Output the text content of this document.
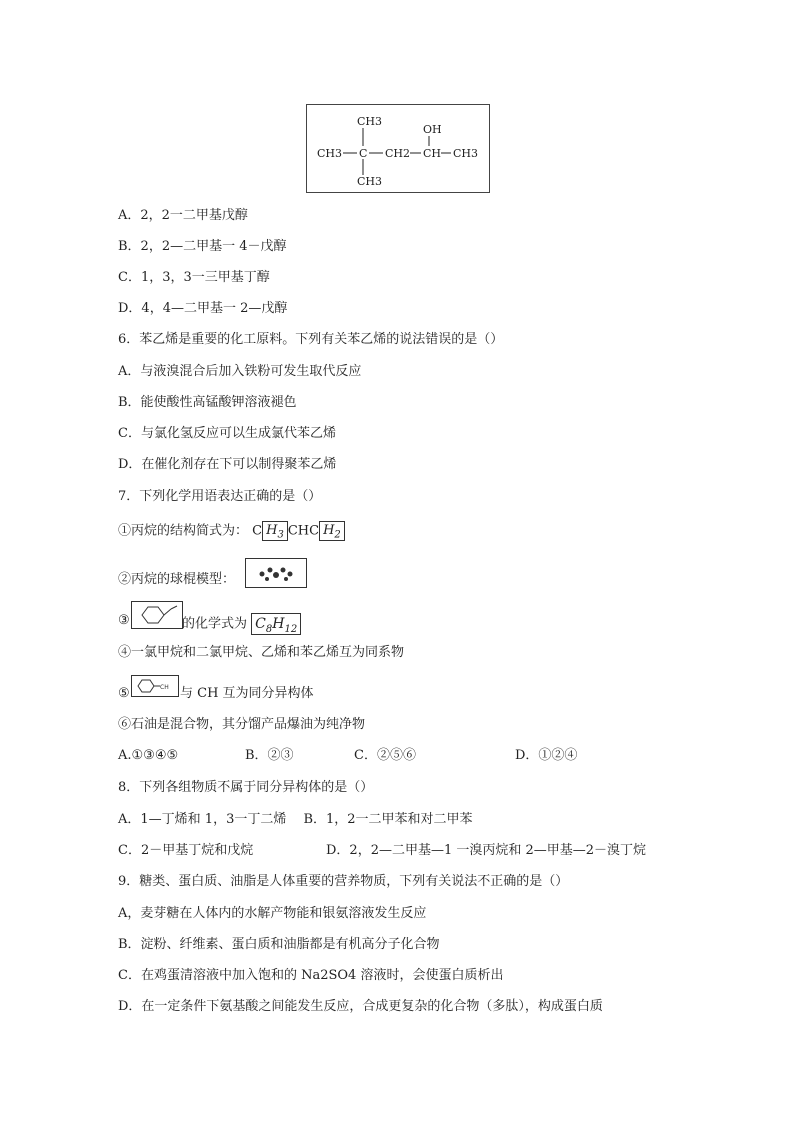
CH3
CH3 C CH2
OH
CH CH3
CH3
A．2，2一二甲基戊醇
B．2，2—二甲基一 4－戊醇
C．1，3，3一三甲基丁醇
D．4，4—二甲基一 2—戊醇
6．苯乙烯是重要的化工原料。下列有关苯乙烯的说法错误的是（）
A．与液溴混合后加入铁粉可发生取代反应
B．能使酸性高锰酸钾溶液褪色
C．与氯化氢反应可以生成氯代苯乙烯
D．在催化剂存在下可以制得聚苯乙烯
7．下列化学用语表达正确的是（）
①丙烷的结构简式为： C $H_3$ CHC $H_2$
②丙烷的球棍模型：
③	的化学式为 $C_8H_{12}$
④一氯甲烷和二氯甲烷、乙烯和苯乙烯互为同系物
⑤	CH 与 CH 互为同分异构体
⑥石油是混合物，其分馏产品爆油为纯净物
A.①③④⑤	B．②③	C．②⑤⑥	D．①②④
8．下列各组物质不属于同分异构体的是（）
A．1—丁烯和 1，3一丁二烯　 B．1，2一二甲苯和对二甲苯
C．2－甲基丁烷和戊烷	D．2，2—二甲基—1 一溴丙烷和 2—甲基—2－溴丁烷
9．糖类、蛋白质、油脂是人体重要的营养物质，下列有关说法不正确的是（）
A，麦芽糖在人体内的水解产物能和银氨溶液发生反应
B．淀粉、纤维素、蛋白质和油脂都是有机高分子化合物
C．在鸡蛋清溶液中加入饱和的 Na2SO4 溶液时，会使蛋白质析出
D．在一定条件下氨基酸之间能发生反应，合成更复杂的化合物（多肽），构成蛋白质
